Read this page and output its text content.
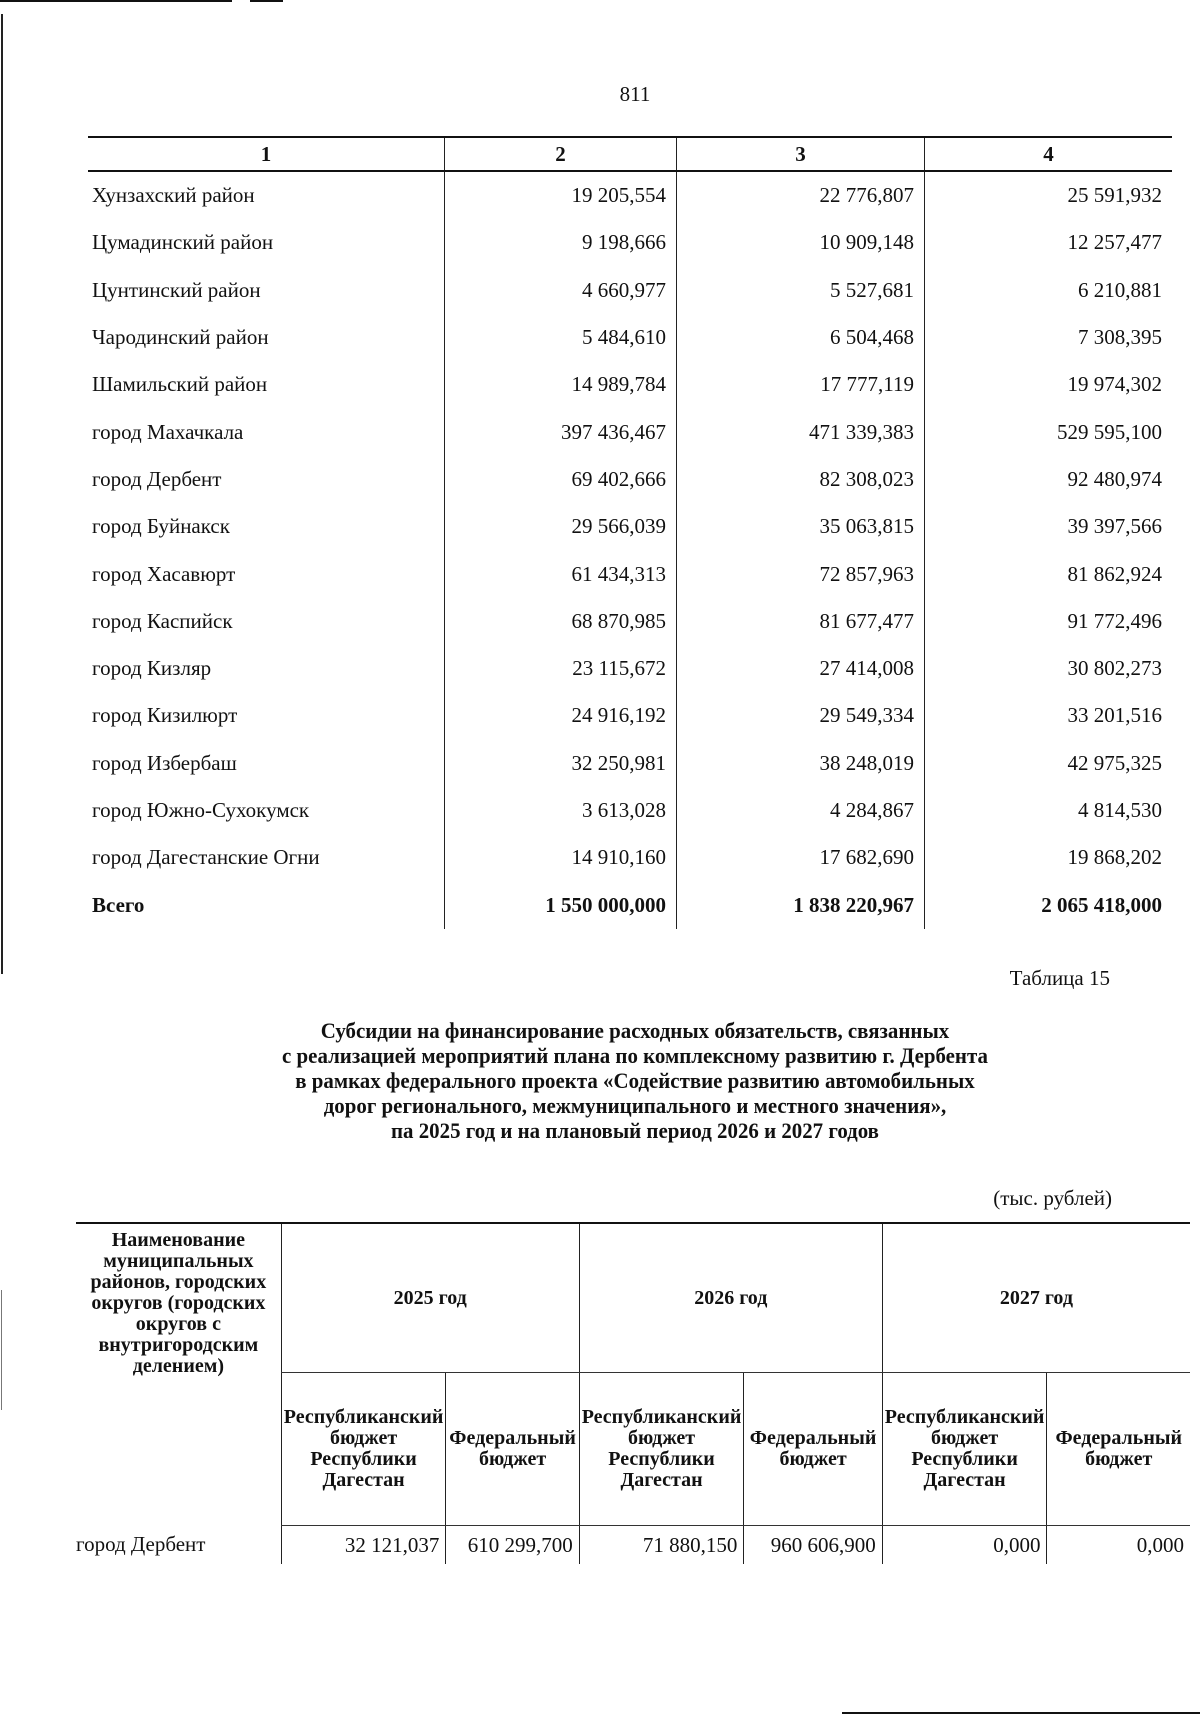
811
1	2	3	4
Хунзахский район	19 205,554	22 776,807	25 591,932
Цумадинский район	9 198,666	10 909,148	12 257,477
Цунтинский район	4 660,977	5 527,681	6 210,881
Чародинский район	5 484,610	6 504,468	7 308,395
Шамильский район	14 989,784	17 777,119	19 974,302
город Махачкала	397 436,467	471 339,383	529 595,100
город Дербент	69 402,666	82 308,023	92 480,974
город Буйнакск	29 566,039	35 063,815	39 397,566
город Хасавюрт	61 434,313	72 857,963	81 862,924
город Каспийск	68 870,985	81 677,477	91 772,496
город Кизляр	23 115,672	27 414,008	30 802,273
город Кизилюрт	24 916,192	29 549,334	33 201,516
город Избербаш	32 250,981	38 248,019	42 975,325
город Южно-Сухокумск	3 613,028	4 284,867	4 814,530
город Дагестанские Огни	14 910,160	17 682,690	19 868,202
Всего	1 550 000,000	1 838 220,967	2 065 418,000
Таблица 15
Субсидии на финансирование расходных обязательств, связанных
с реализацией мероприятий плана по комплексному развитию г. Дербента
в рамках федерального проекта «Содействие развитию автомобильных
дорог регионального, межмуниципального и местного значения»,
па 2025 год и на плановый период 2026 и 2027 годов
(тыс. рублей)
Наименование муниципальных районов, городских округов (городских округов с внутригородским делением)	2025 год		2026 год		2027 год	
	Республиканский бюджет Республики Дагестан	Федеральный бюджет	Республиканский бюджет Республики Дагестан	Федеральный бюджет	Республиканский бюджет Республики Дагестан	Федеральный бюджет
город Дербент	32 121,037	610 299,700	71 880,150	960 606,900	0,000	0,000
